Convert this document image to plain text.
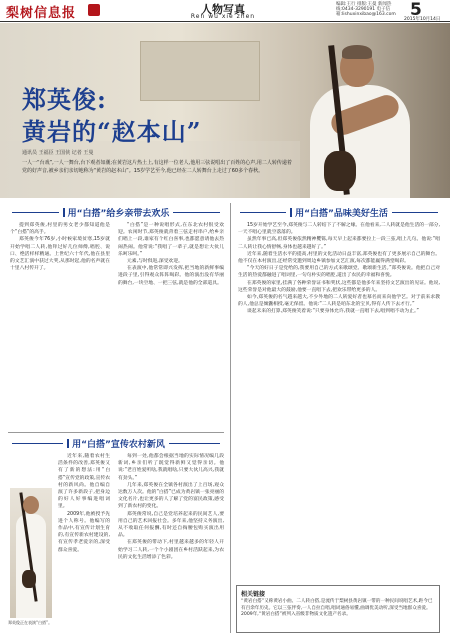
梨树信息报	人物写真
Ren wu xie zhen
编辑:王行 排版:王曼 新闻热线:0434-3290191 电子信箱:lishuxinxibao@163.com 5
2015年10月14日
郑英俊:
黄岩的“赵本山”
通讯员 王福臣 王国侠 记者 王曼
一人一“台戏”,一人一舞台,台下观者如潮;在黄岩这片热土上,有这样一位老人,他用三弦说唱出了百姓的心声,用二人转传递着党的好声音,被乡亲们亲切地称为“黄岩的赵本山”。15岁学艺至今,他已经在二人转舞台上走过了60多个春秋。
用“白搭”给乡亲带去欢乐

提到郑英俊,村里的男女老少都知道他是个“白搭”的高手。

郑英俊今年76岁,小时候家境贫寒,15岁就开始学唱二人转,他拜过好几位师傅,唱腔、说口、绝活样样精通。上世纪六十年代,他在县里的文艺汇演中获过大奖,从那时起,他的名声就在十里八村传开了。

“白搭”是一种说唱形式,在东北农村很受欢迎。农闲时节,郑英俊就背着三弦走村串户,给乡亲们唱上一段,谁家有个红白喜事,也都愿意请他去热闹热闹。他常说:“我唱了一辈子,就是想让大伙儿乐呵乐呵。”

元素,与时俱进,深受欢迎。

在表演中,他常常即兴发挥,把当地的新鲜事编进段子里,引得观众阵阵喝彩。他的演出没有华丽的舞台,一块空地、一把三弦,就是他的全部道具。

用“白搭”宣传农村新风
郑英俊正在表演“白搭”。

近年来,随着农村生活条件的改善,郑英俊又有了新的想法:用“白搭”宣传党的政策,宣传农村的新风尚。他自编自演了许多新段子,把身边的好人好事编进唱词里。

2009年,他被授予先进个人称号。他编写的作品中,有宣传计划生育的,有宣传新农村建设的,有宣传孝老爱亲的,深受群众喜爱。

每到一处,他都会根据当地的实际情况编几段新词,乡亲们听了既觉得新鲜又觉得亲切。他说:“老百姓爱听啥,我就唱啥,只要大伙儿高兴,我就有劲头。”

几年来,郑英俊在全镇各村演出了上百场,观众达数万人次。他的“白搭”已成为黄岩镇一张亮丽的文化名片,也让更多的人了解了党的富民政策,感受到了新农村的变化。

郑英俊常说,自己是党培养起来的民间艺人,要用自己的艺术回报社会。多年来,他坚持义务演出,从不收取任何报酬,有时还自掏腰包购买演出用品。

在郑英俊的带动下,村里越来越多的年轻人开始学习二人转,一个个小剧团在乡村活跃起来,为农民的文化生活增添了色彩。

用“白搭”品味美好生活

15岁开始学艺至今,郑英俊与二人转结下了不解之缘。在他看来,二人转就是他生活的一部分,一天不唱心里就空落落的。

虽然年事已高,但郑英俊依然精神矍铄,每天早上起来都要拉上一段三弦,唱上几句。他说:“唱二人转让我心情舒畅,身体也越来越好了。”

近年来,随着生活水平的提高,村里的文化活动日益丰富,郑英俊也有了更多展示自己的舞台。他不仅在本村演出,还经常受邀到周边乡镇参加文艺汇演,每次都能赢得满堂喝彩。

“今天的好日子是党给的,我要用自己的方式来歌颂党、歌颂新生活。”郑英俊说。他把自己对生活的热爱都融进了唱词里,一句句朴实的唱腔,道出了农民的幸福和喜悦。

在郑英俊的家里,挂满了各种荣誉证书和奖状,这些都是他多年来坚持文艺演出的见证。他说,这些荣誉是对他最大的鼓励,他要一直唱下去,把欢乐带给更多的人。

如今,郑英俊的名气越来越大,不少外地的二人转爱好者也慕名而来向他学艺。对于前来求教的人,他总是倾囊相授,毫无保留。他说:“二人转是咱东北的宝贝,得有人传下去才行。”

谈起未来的打算,郑英俊笑着说:“只要身体允许,我就一直唱下去,唱到唱不动为止。”

相关链接
“黄岩白搭”又称黄岩小曲、二人转白搭,是流传于梨树县黄岩镇一带的一种民间说唱艺术,距今已有百余年历史。它以三弦伴奏,一人自拉自唱,唱词通俗易懂,曲调优美动听,深受当地群众喜爱。2009年,“黄岩白搭”被列入省级非物质文化遗产名录。
